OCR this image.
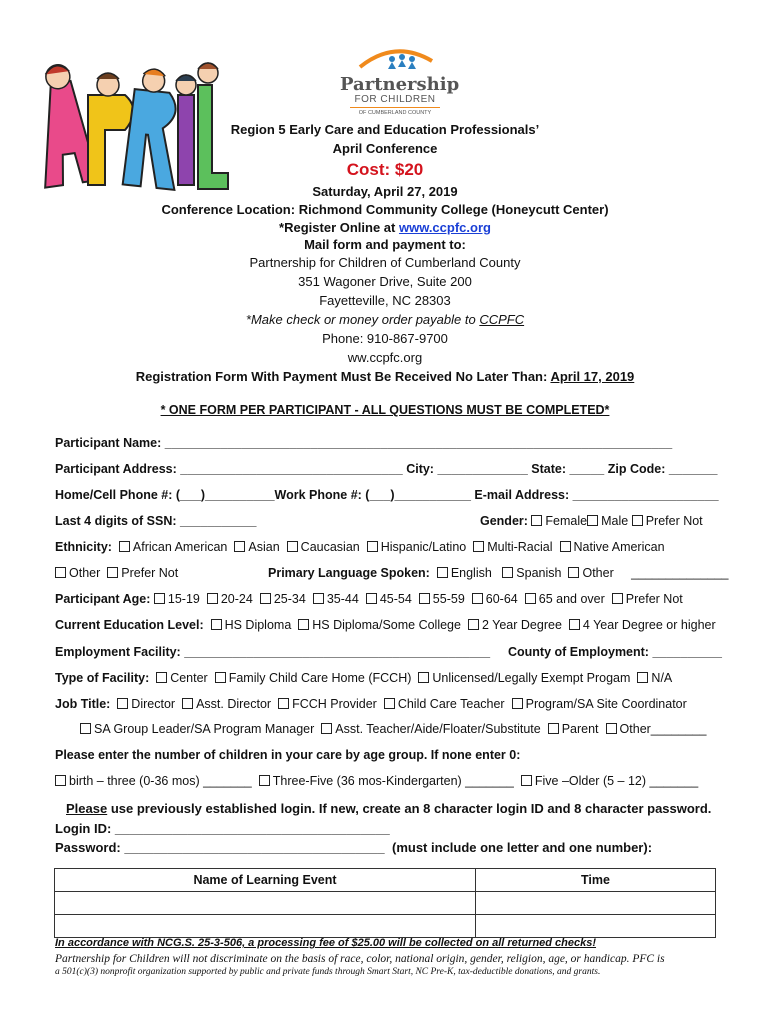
Partnership
FOR CHILDREN
OF CUMBERLAND COUNTY
Region 5 Early Care and Education Professionals’
April Conference
Cost: $20
Saturday, April 27, 2019
Conference Location: Richmond Community College (Honeycutt Center)
*Register Online at www.ccpfc.org
Mail form and payment to:
Partnership for Children of Cumberland County
351 Wagoner Drive, Suite 200
Fayetteville, NC 28303
*Make check or money order payable to CCPFC
Phone: 910-867-9700
ww.ccpfc.org
Registration Form With Payment Must Be Received No Later Than: April 17, 2019
* ONE FORM PER PARTICIPANT - ALL QUESTIONS MUST BE COMPLETED*
Participant Name: _________________________________________________________________________
Participant Address: ________________________________ City: _____________ State: _____ Zip Code: _______
Home/Cell Phone #: (___)__________Work Phone #: (___)___________ E-mail Address: _____________________
Last 4 digits of SSN: ___________	Gender: Female Male Prefer Not
Ethnicity: African American Asian Caucasian Hispanic/Latino Multi-Racial Native American
Other Prefer Not	Primary Language Spoken: English Spanish Other ______________
Participant Age: 15-19 20-24 25-34 35-44 45-54 55-59 60-64 65 and over Prefer Not
Current Education Level: HS Diploma HS Diploma/Some College 2 Year Degree 4 Year Degree or higher
Employment Facility: ____________________________________________ County of Employment: __________
Type of Facility: Center Family Child Care Home (FCCH) Unlicensed/Legally Exempt Progam N/A
Job Title: Director Asst. Director FCCH Provider Child Care Teacher Program/SA Site Coordinator
SA Group Leader/SA Program Manager Asst. Teacher/Aide/Floater/Substitute Parent Other________
Please enter the number of children in your care by age group. If none enter 0:
birth – three (0-36 mos) _______ Three-Five (36 mos-Kindergarten) _______ Five –Older (5 – 12) _______
Please use previously established login. If new, create an 8 character login ID and 8 character password.
Login ID: ______________________________________
Password: ____________________________________ (must include one letter and one number):
Name of Learning Event	Time

In accordance with NCG.S. 25-3-506, a processing fee of $25.00 will be collected on all returned checks!
Partnership for Children will not discriminate on the basis of race, color, national origin, gender, religion, age, or handicap. PFC is
a 501(c)(3) nonprofit organization supported by public and private funds through Smart Start, NC Pre-K, tax-deductible donations, and grants.
